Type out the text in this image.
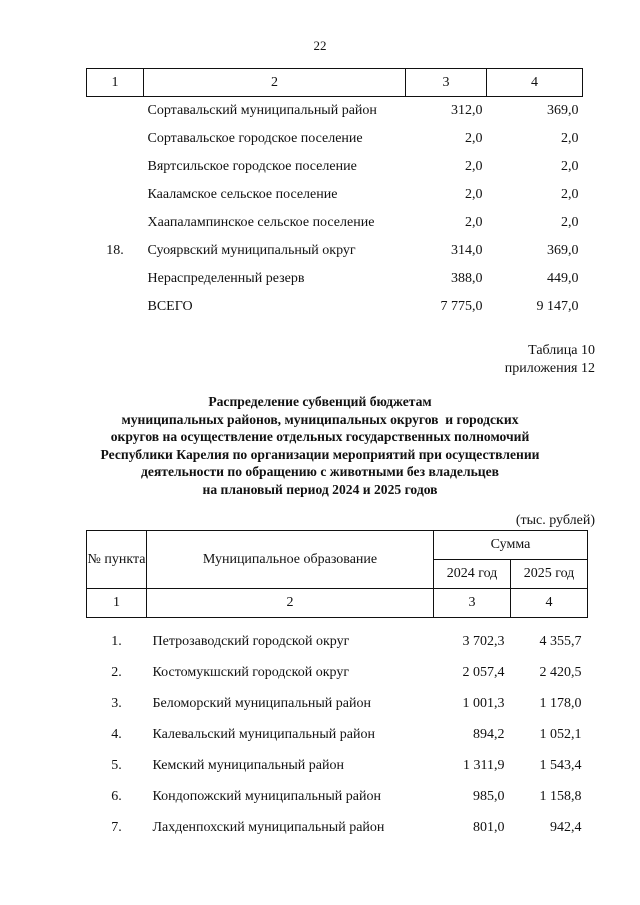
22
1	2	3	4
	Сортавальский муниципальный район	312,0	369,0
	Сортавальское городское поселение	2,0	2,0
	Вяртсильское городское поселение	2,0	2,0
	Кааламское сельское поселение	2,0	2,0
	Хаапалампинское сельское поселение	2,0	2,0
18.	Суоярвский муниципальный округ	314,0	369,0
	Нераспределенный резерв	388,0	449,0
	ВСЕГО	7 775,0	9 147,0
Таблица 10
приложения 12
Распределение субвенций бюджетам
муниципальных районов, муниципальных округов  и городских
округов на осуществление отдельных государственных полномочий
Республики Карелия по организации мероприятий при осуществлении
деятельности по обращению с животными без владельцев
на плановый период 2024 и 2025 годов
(тыс. рублей)
№ пункта	Муниципальное образование	Сумма	
		2024 год	2025 год
1	2	3	4
1.	Петрозаводский городской округ	3 702,3	4 355,7
2.	Костомукшский городской округ	2 057,4	2 420,5
3.	Беломорский муниципальный район	1 001,3	1 178,0
4.	Калевальский муниципальный район	894,2	1 052,1
5.	Кемский муниципальный район	1 311,9	1 543,4
6.	Кондопожский муниципальный район	985,0	1 158,8
7.	Лахденпохский муниципальный район	801,0	942,4
